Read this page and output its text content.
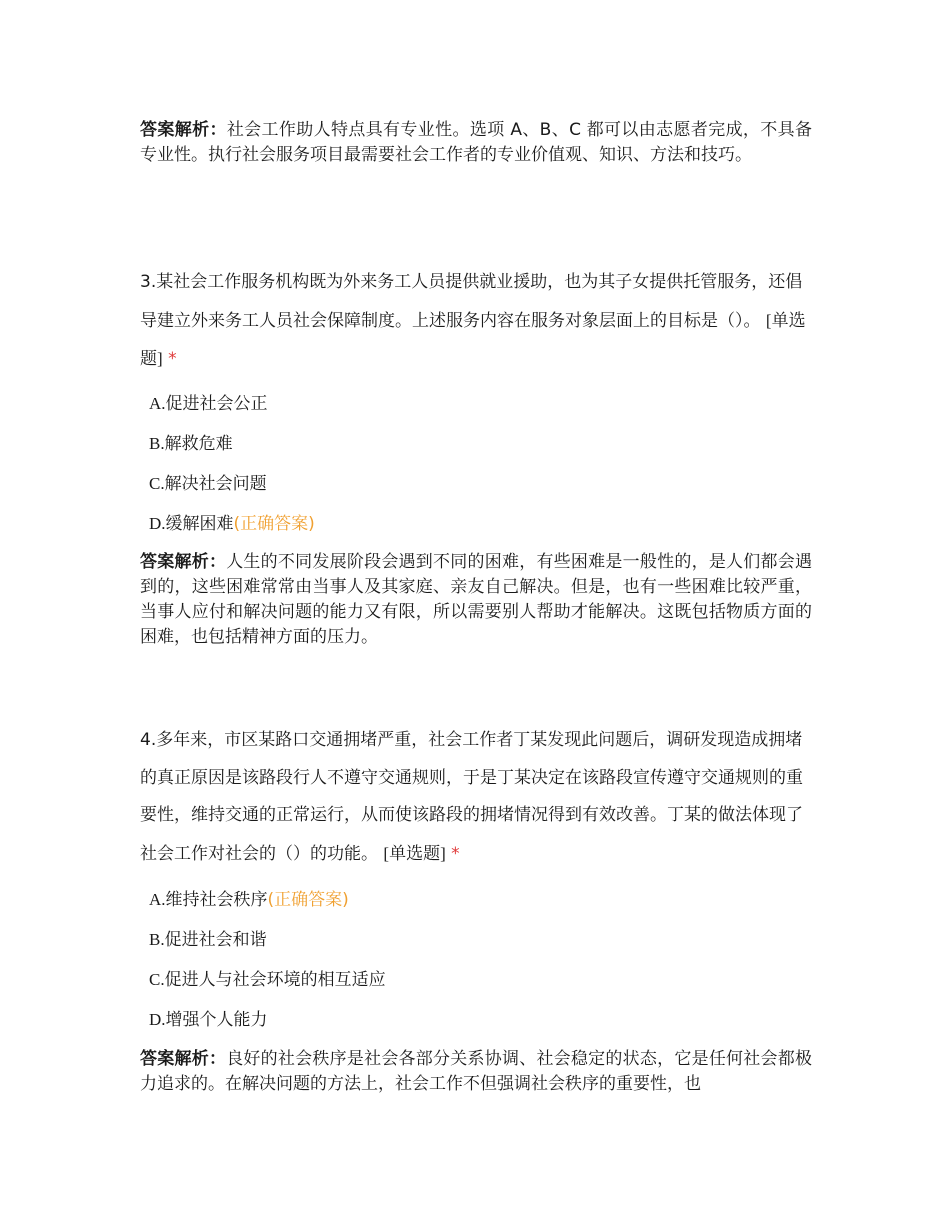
答案解析：社会工作助人特点具有专业性。选项 A、B、C 都可以由志愿者完成，不具备专业性。执行社会服务项目最需要社会工作者的专业价值观、知识、方法和技巧。
3.某社会工作服务机构既为外来务工人员提供就业援助，也为其子女提供托管服务，还倡导建立外来务工人员社会保障制度。上述服务内容在服务对象层面上的目标是（）。 [单选题] *
A.促进社会公正
B.解救危难
C.解决社会问题
D.缓解困难(正确答案)
答案解析：人生的不同发展阶段会遇到不同的困难，有些困难是一般性的，是人们都会遇到的，这些困难常常由当事人及其家庭、亲友自己解决。但是，也有一些困难比较严重，当事人应付和解决问题的能力又有限，所以需要别人帮助才能解决。这既包括物质方面的困难，也包括精神方面的压力。
4.多年来，市区某路口交通拥堵严重，社会工作者丁某发现此问题后，调研发现造成拥堵的真正原因是该路段行人不遵守交通规则，于是丁某决定在该路段宣传遵守交通规则的重要性，维持交通的正常运行，从而使该路段的拥堵情况得到有效改善。丁某的做法体现了社会工作对社会的（）的功能。 [单选题] *
A.维持社会秩序(正确答案)
B.促进社会和谐
C.促进人与社会环境的相互适应
D.增强个人能力
答案解析：良好的社会秩序是社会各部分关系协调、社会稳定的状态，它是任何社会都极力追求的。在解决问题的方法上，社会工作不但强调社会秩序的重要性，也
